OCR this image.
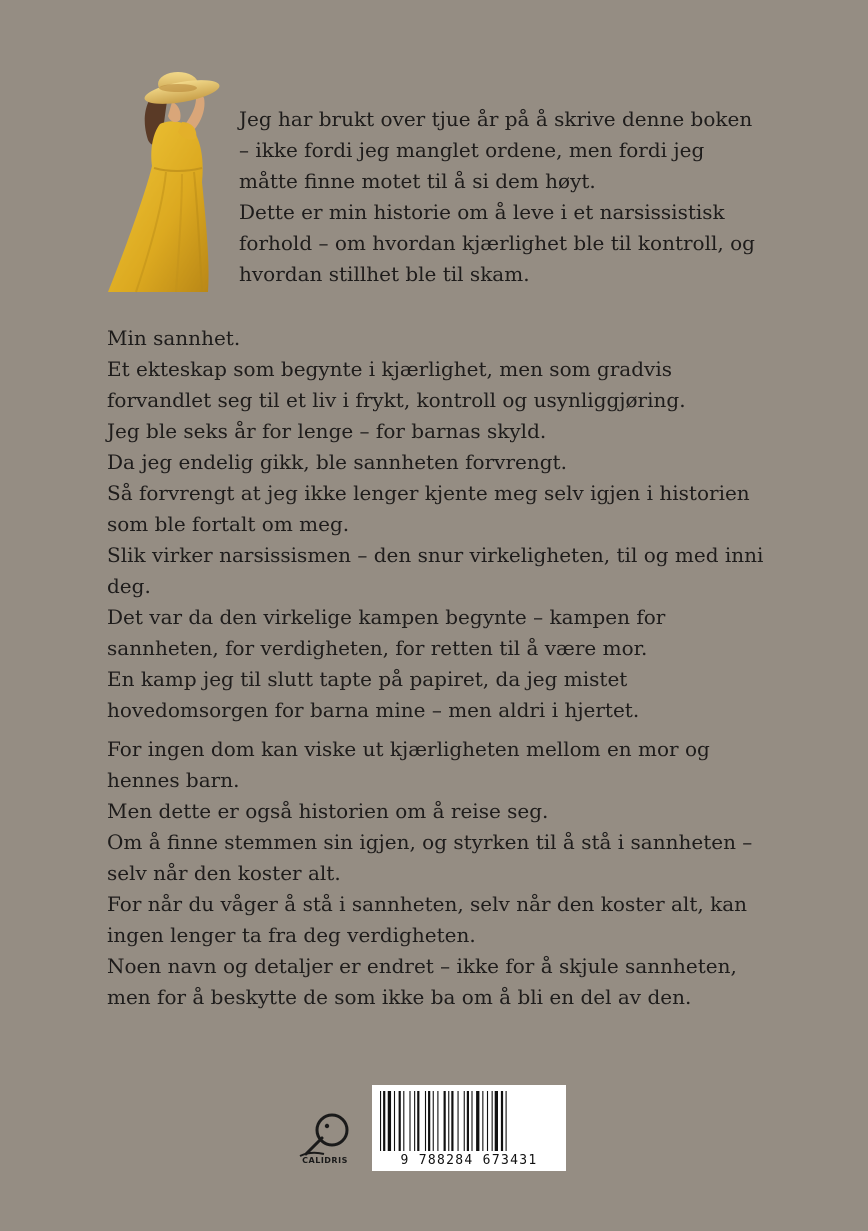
Jeg har brukt over tjue år på å skrive denne boken – ikke fordi jeg manglet ordene, men fordi jeg måtte finne motet til å si dem høyt.

Dette er min historie om å leve i et narsissistisk forhold – om hvordan kjærlighet ble til kontroll, og hvordan stillhet ble til skam.

Min sannhet.

Et ekteskap som begynte i kjærlighet, men som gradvis forvandlet seg til et liv i frykt, kontroll og usynliggjøring.

Jeg ble seks år for lenge – for barnas skyld.

Da jeg endelig gikk, ble sannheten forvrengt.

Så forvrengt at jeg ikke lenger kjente meg selv igjen i historien som ble fortalt om meg.

Slik virker narsissismen – den snur virkeligheten, til og med inni deg.

Det var da den virkelige kampen begynte – kampen for sannheten, for verdigheten, for retten til å være mor.

En kamp jeg til slutt tapte på papiret, da jeg mistet hovedomsorgen for barna mine – men aldri i hjertet.

For ingen dom kan viske ut kjærligheten mellom en mor og hennes barn.

Men dette er også historien om å reise seg.

Om å finne stemmen sin igjen, og styrken til å stå i sannheten – selv når den koster alt.

For når du våger å stå i sannheten, selv når den koster alt, kan ingen lenger ta fra deg verdigheten.

Noen navn og detaljer er endret – ikke for å skjule sannheten, men for å beskytte de som ikke ba om å bli en del av den.

CALIDRIS	9 788284 673431
